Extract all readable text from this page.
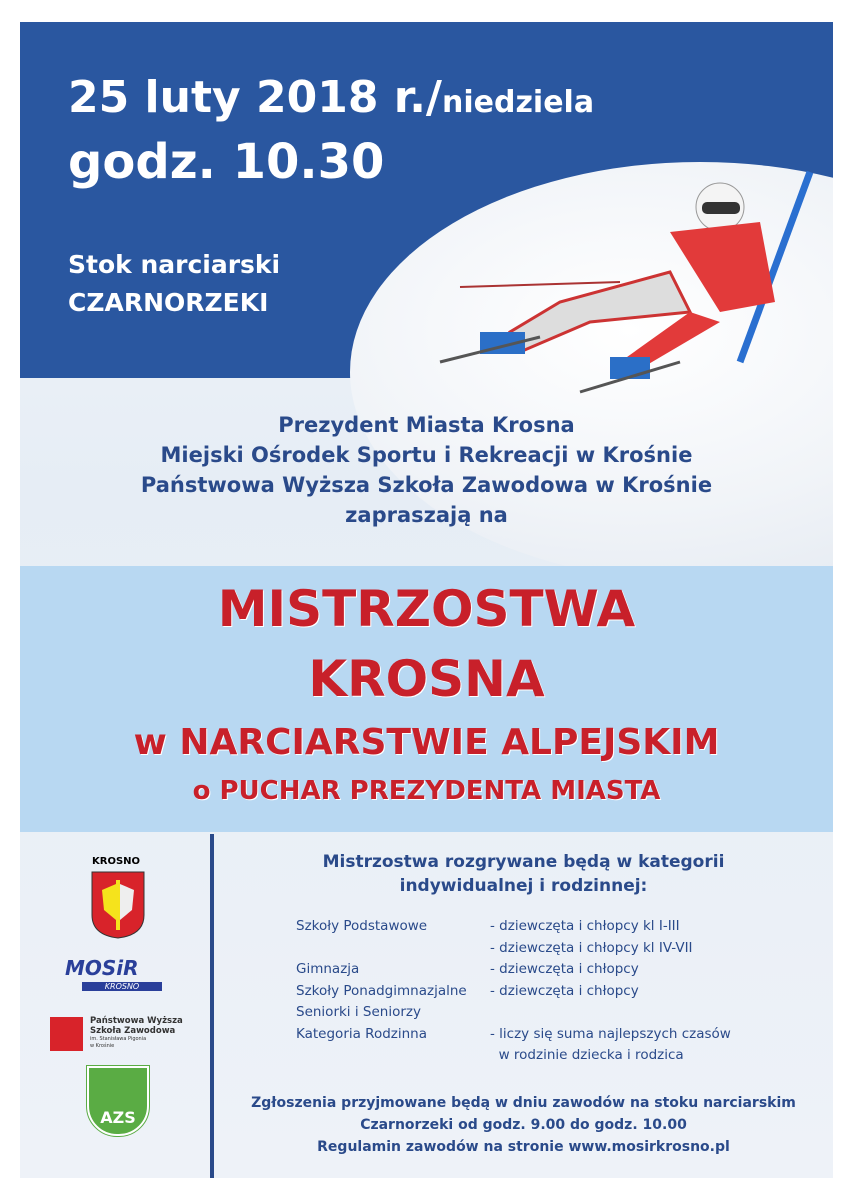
25 luty 2018 r./niedziela
godz. 10.30
Stok narciarski
CZARNORZEKI
Prezydent Miasta Krosna
Miejski Ośrodek Sportu i Rekreacji w Krośnie
Państwowa Wyższa Szkoła Zawodowa w Krośnie
zapraszają na
MISTRZOSTWA
KROSNA
w NARCIARSTWIE ALPEJSKIM
o PUCHAR PREZYDENTA MIASTA
KROSNO
MOSiR
KROSNO
Państwowa Wyższa
Szkoła Zawodowa
im. Stanisława Pigonia
w Krośnie
AZS
Mistrzostwa rozgrywane będą w kategorii
indywidualnej i rodzinnej:
Szkoły Podstawowe	- dziewczęta i chłopcy kl I-III
- dziewczęta i chłopcy kl IV-VII
Gimnazja	- dziewczęta i chłopcy
Szkoły Ponadgimnazjalne	- dziewczęta i chłopcy
Seniorki i Seniorzy
Kategoria Rodzinna	- liczy się suma najlepszych czasów
w rodzinie dziecka i rodzica
Zgłoszenia przyjmowane będą w dniu zawodów na stoku narciarskim
Czarnorzeki od godz. 9.00 do godz. 10.00
Regulamin zawodów na stronie www.mosirkrosno.pl
